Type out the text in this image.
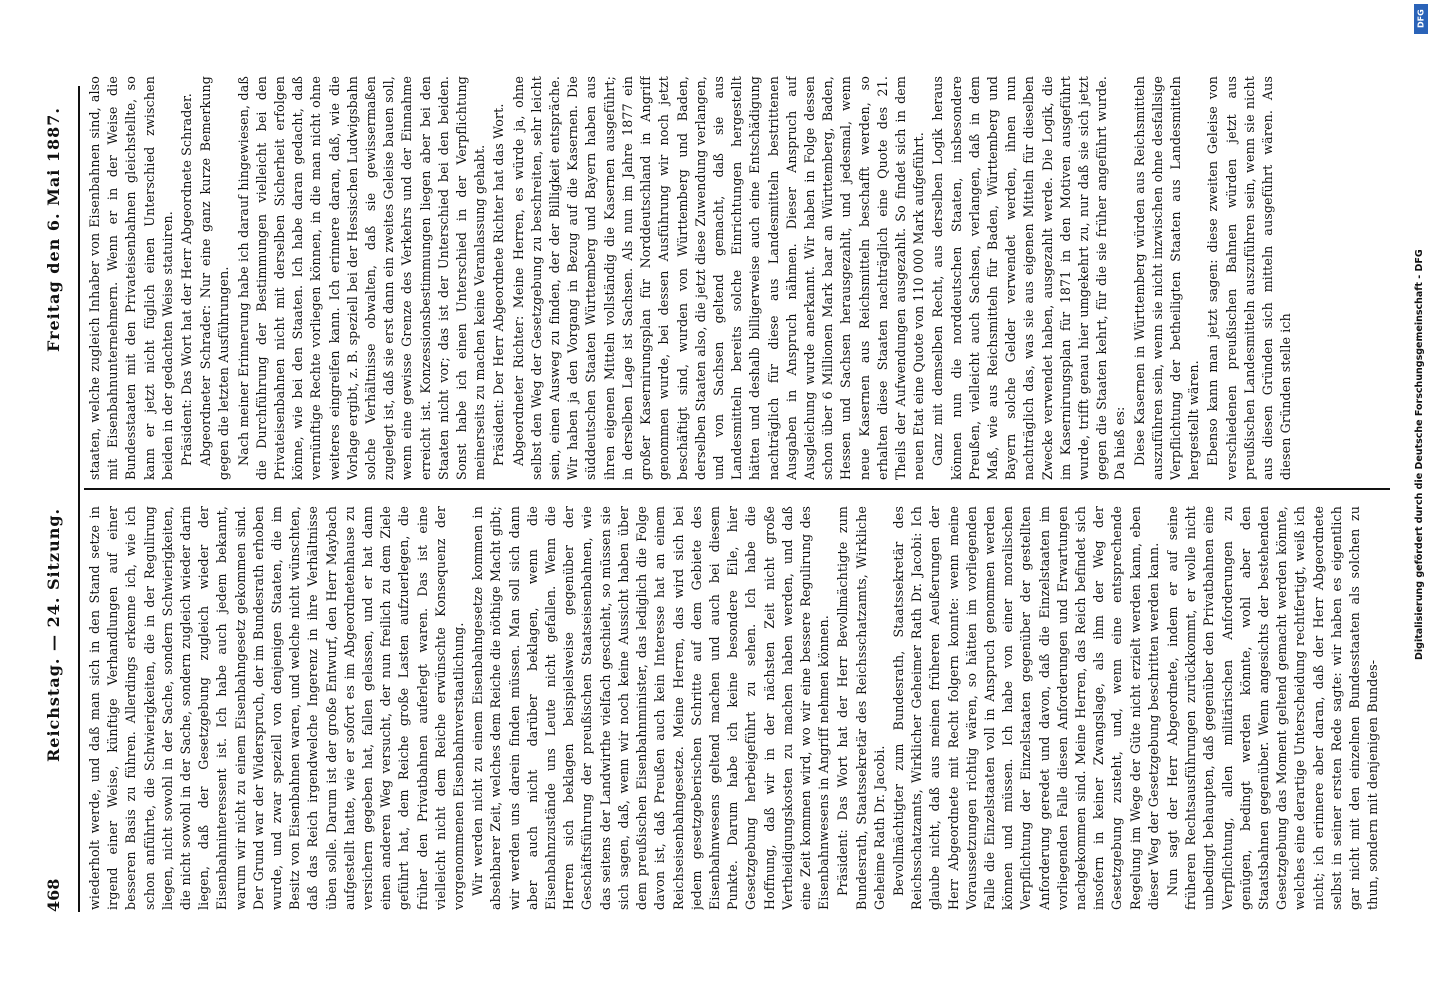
468
Reichstag. — 24. Sitzung.
Freitag den 6. Mai 1887.

wiederholt werde, und daß man sich in den Stand setze in irgend einer Weise, künftige Verhandlungen auf einer besseren Basis zu führen. Allerdings erkenne ich, wie ich schon anführte, die Schwierigkeiten, die in der Regulirung liegen, nicht sowohl in der Sache, sondern Schwierigkeiten, die nicht sowohl in der Sache, sondern zugleich wieder darin liegen, daß der Gesetzgebung zugleich wieder der Eisenbahninteressent ist. Ich habe auch jedem bekannt, warum wir nicht zu einem Eisenbahngesetz gekommen sind. Der Grund war der Widerspruch, der im Bundesrath erhoben wurde, und zwar speziell von denjenigen Staaten, die im Besitz von Eisenbahnen waren, und welche nicht wünschten, daß das Reich irgendwelche Ingerenz in ihre Verhältnisse üben solle. Darum ist der große Entwurf, den Herr Maybach aufgestellt hatte, wie er sofort es im Abgeordnetenhause zu versichern gegeben hat, fallen gelassen, und er hat dann einen anderen Weg versucht, der nun freilich zu dem Ziele geführt hat, dem Reiche große Lasten aufzuerlegen, die früher den Privatbahnen auferlegt waren. Das ist eine vielleicht nicht dem Reiche erwünschte Konsequenz der vorgenommenen Eisenbahnverstaatlichung. Wir werden nicht zu einem Eisenbahngesetze kommen in absehbarer Zeit, welches dem Reiche die nöthige Macht gibt; wir werden uns darein finden müssen. Man soll sich dann aber auch nicht darüber beklagen, wenn die Eisenbahnzustände uns Leute nicht gefallen. Wenn die Herren sich beklagen beispielsweise gegenüber der Geschäftsführung der preußischen Staatseisenbahnen, wie das seitens der Landwirthe vielfach geschieht, so müssen sie sich sagen, daß, wenn wir noch keine Aussicht haben über dem preußischen Eisenbahnminister, das lediglich die Folge davon ist, daß Preußen auch kein Interesse hat an einem Reichseisenbahngesetze. Meine Herren, das wird sich bei jedem gesetzgeberischen Schritte auf dem Gebiete des Eisenbahnwesens geltend machen und auch bei diesem Punkte. Darum habe ich keine besondere Eile, hier Gesetzgebung herbeigeführt zu sehen. Ich habe die Hoffnung, daß wir in der nächsten Zeit nicht große Vertheidigungskosten zu machen haben werden, und daß eine Zeit kommen wird, wo wir eine bessere Regulirung des Eisenbahnwesens in Angriff nehmen können. Präsident: Das Wort hat der Herr Bevollmächtigte zum Bundesrath, Staatssekretär des Reichsschatzamts, Wirkliche Geheime Rath Dr. Jacobi. Bevollmächtigter zum Bundesrath, Staatssekretär des Reichsschatzamts, Wirklicher Geheimer Rath Dr. Jacobi: Ich glaube nicht, daß aus meinen früheren Aeußerungen der Herr Abgeordnete mit Recht folgern konnte: wenn meine Voraussetzungen richtig wären, so hätten im vorliegenden Falle die Einzelstaaten voll in Anspruch genommen werden können und müssen. Ich habe von einer moralischen Verpflichtung der Einzelstaaten gegenüber der gestellten Anforderung geredet und davon, daß die Einzelstaaten im vorliegenden Falle diesen Anforderungen und Erwartungen nachgekommen sind. Meine Herren, das Reich befindet sich insofern in keiner Zwangslage, als ihm der Weg der Gesetzgebung zusteht, und, wenn eine entsprechende Regelung im Wege der Güte nicht erzielt werden kann, eben dieser Weg der Gesetzgebung beschritten werden kann. Nun sagt der Herr Abgeordnete, indem er auf seine früheren Rechtsausführungen zurückkommt, er wolle nicht unbedingt behaupten, daß gegenüber den Privatbahnen eine Verpflichtung, allen militärischen Anforderungen zu genügen, bedingt werden könnte, wohl aber den Staatsbahnen gegenüber. Wenn angesichts der bestehenden Gesetzgebung das Moment geltend gemacht werden könnte, welches eine derartige Unterscheidung rechtfertigt, weiß ich nicht; ich erinnere aber daran, daß der Herr Abgeordnete selbst in seiner ersten Rede sagte: wir haben es eigentlich gar nicht mit den einzelnen Bundesstaaten als solchen zu thun, sondern mit denjenigen Bundes-

staaten, welche zugleich Inhaber von Eisenbahnen sind, also mit Eisenbahnunternehmern. Wenn er in der Weise die Bundesstaaten mit den Privateisenbahnen gleichstellte, so kann er jetzt nicht füglich einen Unterschied zwischen beiden in der gedachten Weise statuiren. Präsident: Das Wort hat der Herr Abgeordnete Schrader. Abgeordneter Schrader: Nur eine ganz kurze Bemerkung gegen die letzten Ausführungen. Nach meiner Erinnerung habe ich darauf hingewiesen, daß die Durchführung der Bestimmungen vielleicht bei den Privateisenbahnen nicht mit derselben Sicherheit erfolgen könne, wie bei den Staaten. Ich habe daran gedacht, daß vernünftige Rechte vorliegen können, in die man nicht ohne weiteres eingreifen kann. Ich erinnere daran, daß, wie die Vorlage ergibt, z. B. speziell bei der Hessischen Ludwigsbahn solche Verhältnisse obwalten, daß sie gewissermaßen zugelegt ist, daß sie erst dann ein zweites Geleise bauen soll, wenn eine gewisse Grenze des Verkehrs und der Einnahme erreicht ist. Konzessionsbestimmungen liegen aber bei den Staaten nicht vor; das ist der Unterschied bei den beiden. Sonst habe ich einen Unterschied in der Verpflichtung meinerseits zu machen keine Veranlassung gehabt. Präsident: Der Herr Abgeordnete Richter hat das Wort. Abgeordneter Richter: Meine Herren, es würde ja, ohne selbst den Weg der Gesetzgebung zu beschreiten, sehr leicht sein, einen Ausweg zu finden, der der Billigkeit entspräche. Wir haben ja den Vorgang in Bezug auf die Kasernen. Die süddeutschen Staaten Württemberg und Bayern haben aus ihren eigenen Mitteln vollständig die Kasernen ausgeführt; in derselben Lage ist Sachsen. Als nun im Jahre 1877 ein großer Kasernirungsplan für Norddeutschland in Angriff genommen wurde, bei dessen Ausführung wir noch jetzt beschäftigt sind, wurden von Württemberg und Baden, derselben Staaten also, die jetzt diese Zuwendung verlangen, und von Sachsen geltend gemacht, daß sie aus Landesmitteln bereits solche Einrichtungen hergestellt hätten und deshalb billigerweise auch eine Entschädigung nachträglich für diese aus Landesmitteln bestrittenen Ausgaben in Anspruch nähmen. Dieser Anspruch auf Ausgleichung wurde anerkannt. Wir haben in Folge dessen schon über 6 Millionen Mark baar an Württemberg, Baden, Hessen und Sachsen herausgezahlt, und jedesmal, wenn neue Kasernen aus Reichsmitteln beschafft werden, so erhalten diese Staaten nachträglich eine Quote des 21. Theils der Aufwendungen ausgezahlt. So findet sich in dem neuen Etat eine Quote von 110 000 Mark aufgeführt. Ganz mit demselben Recht, aus derselben Logik heraus können nun die norddeutschen Staaten, insbesondere Preußen, vielleicht auch Sachsen, verlangen, daß in dem Maß, wie aus Reichsmitteln für Baden, Württemberg und Bayern solche Gelder verwendet werden, ihnen nun nachträglich das, was sie aus eigenen Mitteln für dieselben Zwecke verwendet haben, ausgezahlt werde. Die Logik, die im Kasernirungsplan für 1871 in den Motiven ausgeführt wurde, trifft genau hier umgekehrt zu, nur daß sie sich jetzt gegen die Staaten kehrt, für die sie früher angeführt wurde. Da hieß es: Diese Kasernen in Württemberg würden aus Reichsmitteln auszuführen sein, wenn sie nicht inzwischen ohne desfallsige Verpflichtung der betheiligten Staaten aus Landesmitteln hergestellt wären. Ebenso kann man jetzt sagen: diese zweiten Geleise von verschiedenen preußischen Bahnen würden jetzt aus preußischen Landesmitteln auszuführen sein, wenn sie nicht aus diesen Gründen sich mitteln ausgeführt wären. Aus diesen Gründen stelle ich

DFG
Digitalisierung gefördert durch die Deutsche Forschungsgemeinschaft - DFG
